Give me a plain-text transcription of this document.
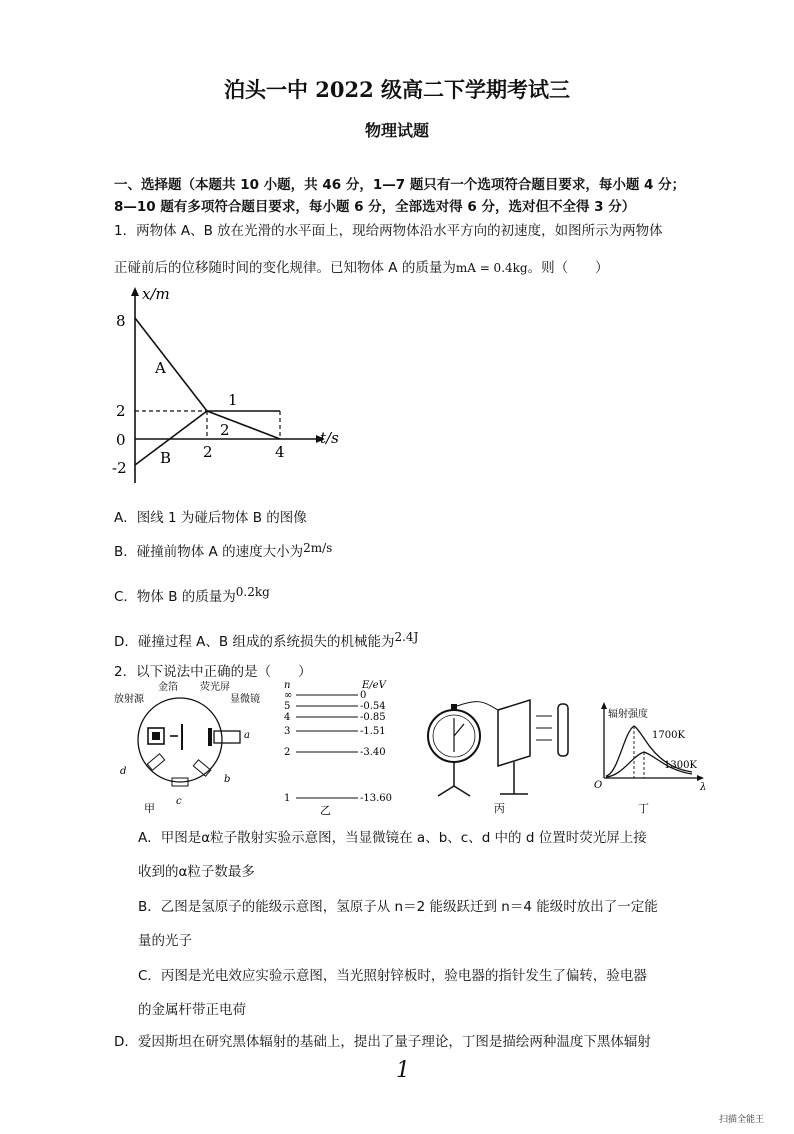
泊头一中 2022 级高二下学期考试三
物理试题
一、选择题（本题共 10 小题，共 46 分，1—7 题只有一个选项符合题目要求，每小题 4 分；
8—10 题有多项符合题目要求，每小题 6 分，全部选对得 6 分，选对但不全得 3 分）
1．两物体 A、B 放在光滑的水平面上，现给两物体沿水平方向的初速度，如图所示为两物体
正碰前后的位移随时间的变化规律。已知物体 A 的质量为mA = 0.4kg。则（　　）
x/m
t/s
8
2
0
-2
2	4
A
B
1
2
A．图线 1 为碰后物体 B 的图像
B．碰撞前物体 A 的速度大小为2m/s
C．物体 B 的质量为0.2kg
D．碰撞过程 A、B 组成的系统损失的机械能为2.4J
2．以下说法中正确的是（　　）
放射源
金箔 荧光屏
显微镜
a
b
c
d
甲
n	E/eV
∞	0
5	-0.54
4	-0.85
3	-1.51
2	-3.40
1	-13.60
乙	丙
辐射强度
1700K
1300K
O	λ
丁
A．甲图是α粒子散射实验示意图，当显微镜在 a、b、c、d 中的 d 位置时荧光屏上接
收到的α粒子数最多
B．乙图是氢原子的能级示意图，氢原子从 n＝2 能级跃迁到 n＝4 能级时放出了一定能
量的光子
C．丙图是光电效应实验示意图，当光照射锌板时，验电器的指针发生了偏转，验电器
的金属杆带正电荷
D．爱因斯坦在研究黑体辐射的基础上，提出了量子理论，丁图是描绘两种温度下黑体辐射
1
扫描全能王
